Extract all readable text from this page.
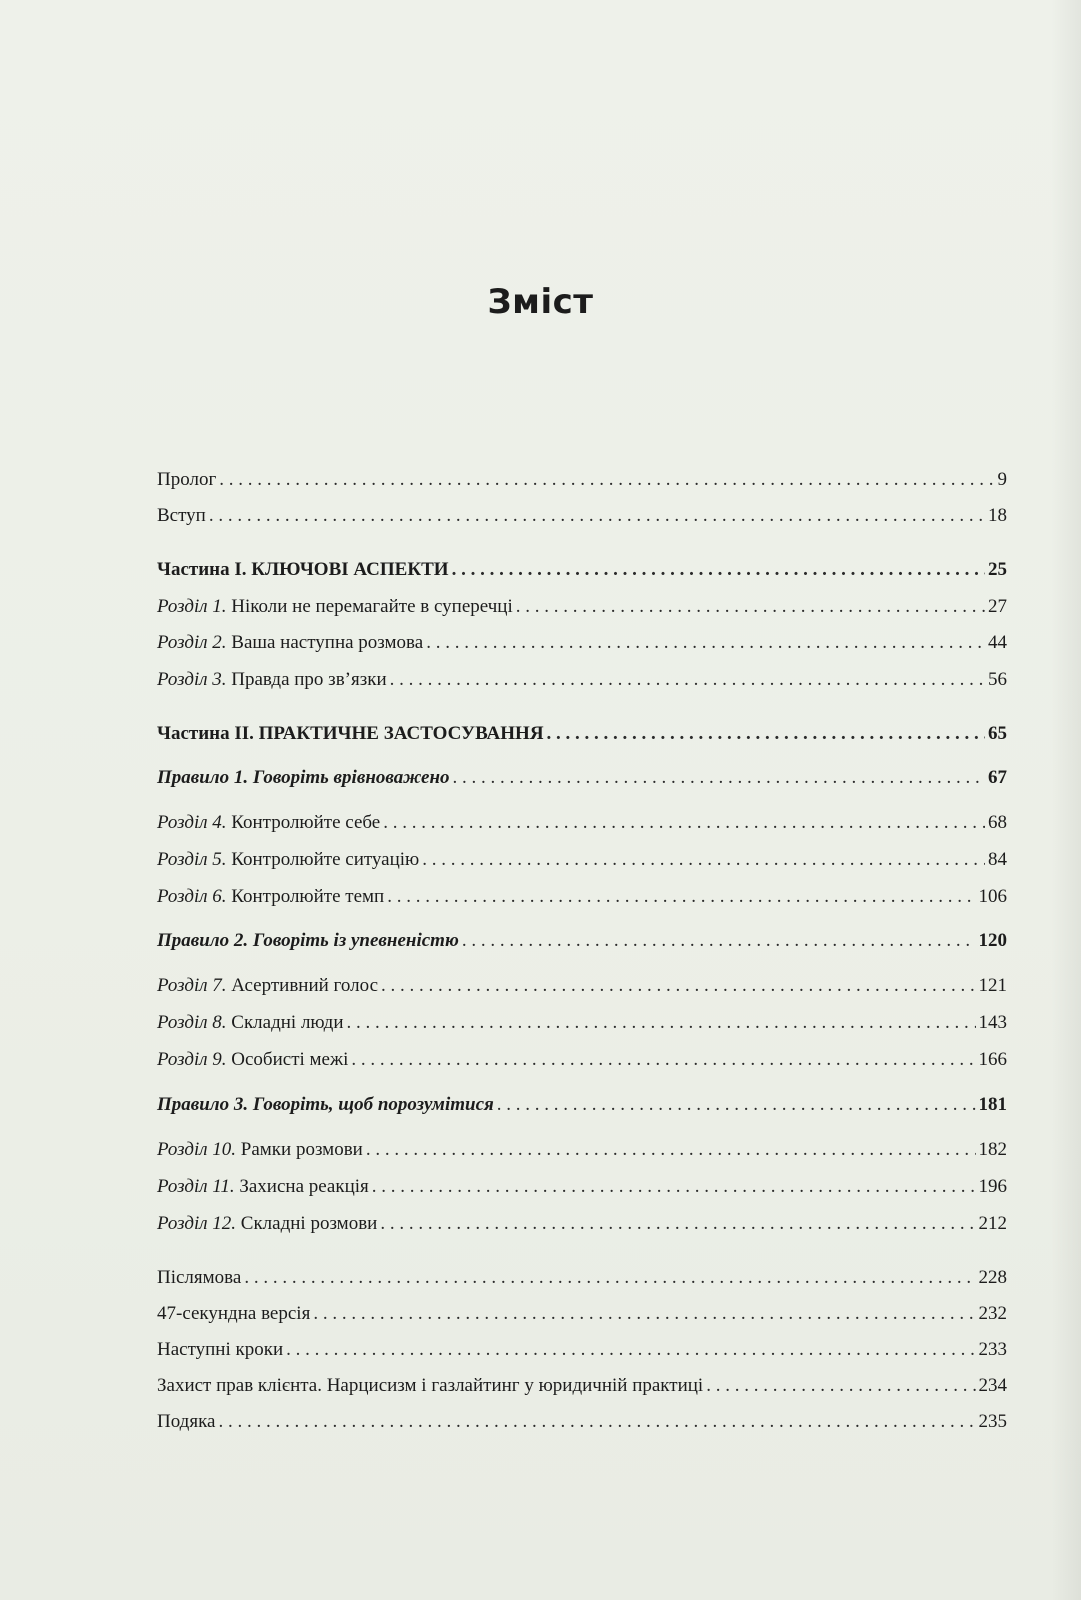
Зміст
Пролог . . .	9
Вступ . . .	18
Частина I. КЛЮЧОВІ АСПЕКТИ . . .	25
Розділ 1. Ніколи не перемагайте в суперечці . . .	27
Розділ 2. Ваша наступна розмова . . .	44
Розділ 3. Правда про зв’язки . . .	56
Частина II. ПРАКТИЧНЕ ЗАСТОСУВАННЯ . . .	65
Правило 1. Говоріть врівноважено . . .	67
Розділ 4. Контролюйте себе . . .	68
Розділ 5. Контролюйте ситуацію . . .	84
Розділ 6. Контролюйте темп . . .	106
Правило 2. Говоріть із упевненістю . . .	120
Розділ 7. Асертивний голос . . .	121
Розділ 8. Складні люди . . .	143
Розділ 9. Особисті межі . . .	166
Правило 3. Говоріть, щоб порозумітися . . .	181
Розділ 10. Рамки розмови . . .	182
Розділ 11. Захисна реакція . . .	196
Розділ 12. Складні розмови . . .	212
Післямова . . .	228
47-секундна версія . . .	232
Наступні кроки . . .	233
Захист прав клієнта. Нарцисизм і газлайтинг у юридичній практиці . . .	234
Подяка . . .	235
